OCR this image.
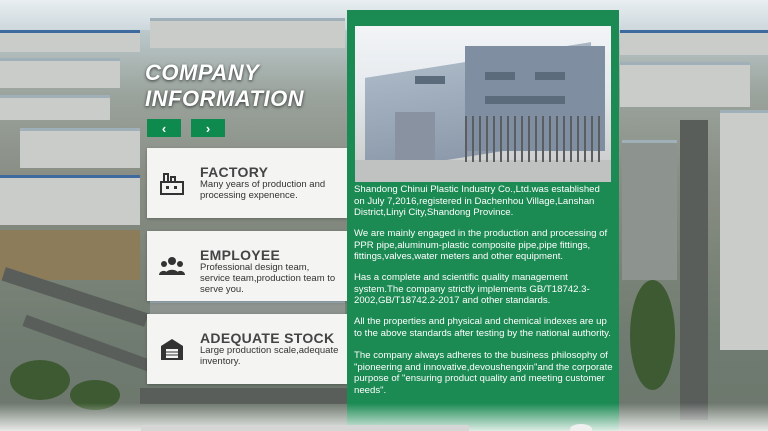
COMPANY
INFORMATION
‹	›
FACTORY

Many years of production and processing expenence.

EMPLOYEE

Professional design team, service team,production team to serve you.

ADEQUATE STOCK

Large production scale,adequate inventory.

Shandong Chinui Plastic Industry Co.,Ltd.was established on July 7,2016,registered in Dachenhou Village,Lanshan District,Linyi City,Shandong Province.

We are mainly engaged in the production and processing of PPR pipe,aluminum-plastic composite pipe,pipe fittings, fittings,valves,water meters and other equipment.

Has a complete and scientific quality management system.The company strictly implements GB/T18742.3-2002,GB/T18742.2-2017 and other standards.

All the properties and physical and chemical indexes are up to the above standards after testing by the national authority.

The company always adheres to the business philosophy of "pioneering and innovative,devoushengxin"and the corporate purpose of "ensuring product quality and meeting customer needs".
